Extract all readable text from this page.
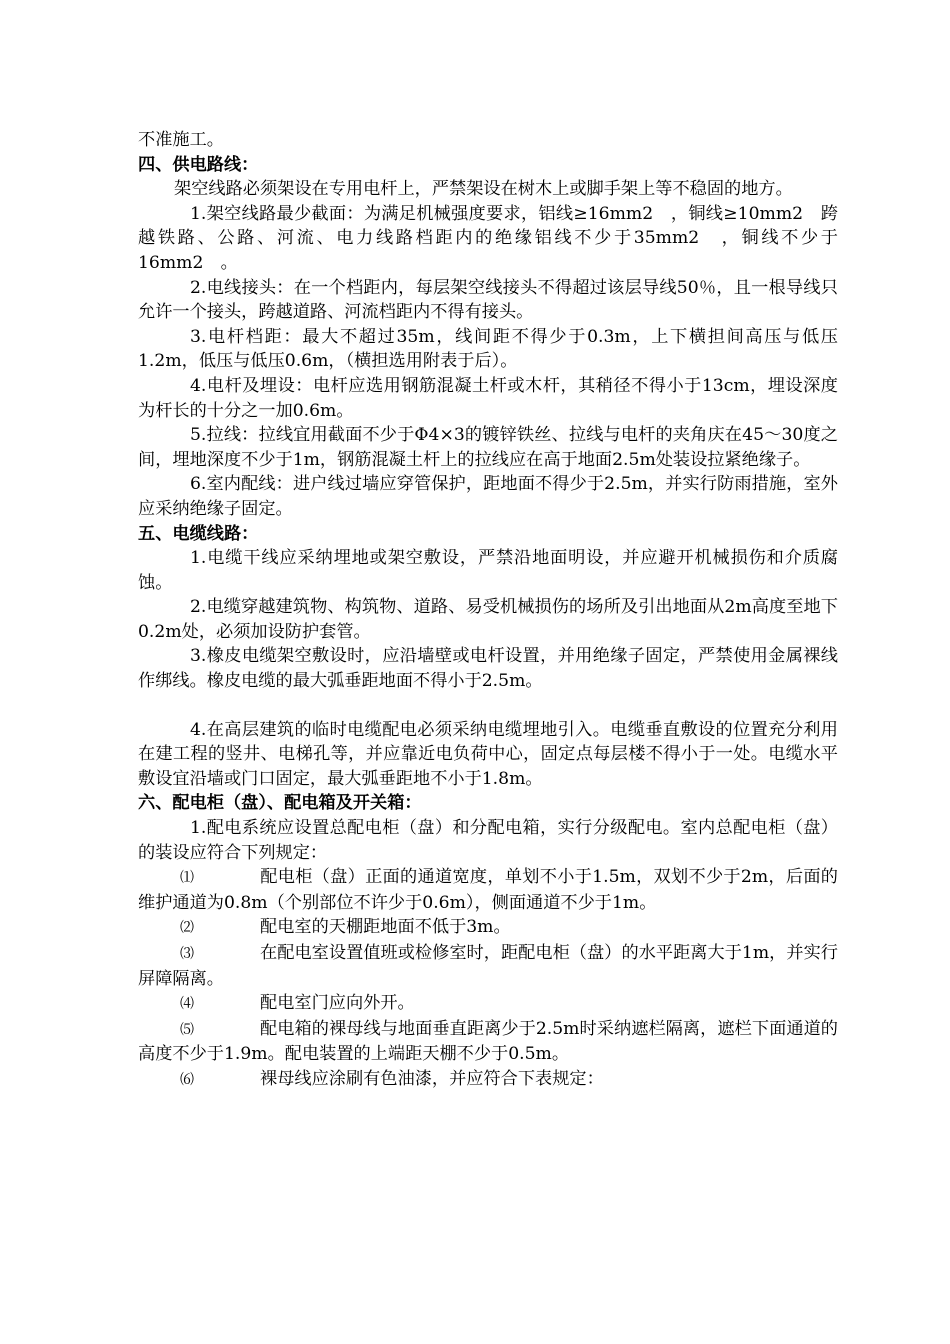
不准施工。

四、供电路线：

架空线路必须架设在专用电杆上，严禁架设在树木上或脚手架上等不稳固的地方。

1.架空线路最少截面：为满足机械强度要求，铝线≥16mm2　，铜线≥10mm2　跨越铁路、公路、河流、电力线路档距内的绝缘铝线不少于35mm2　，铜线不少于16mm2　。

2.电线接头：在一个档距内，每层架空线接头不得超过该层导线50％，且一根导线只允许一个接头，跨越道路、河流档距内不得有接头。

3.电杆档距：最大不超过35m，线间距不得少于0.3m，上下横担间高压与低压1.2m，低压与低压0.6m，（横担选用附表于后）。

4.电杆及埋设：电杆应选用钢筋混凝土杆或木杆，其稍径不得小于13cm，埋设深度为杆长的十分之一加0.6m。

5.拉线：拉线宜用截面不少于Φ4×3的镀锌铁丝、拉线与电杆的夹角庆在45～30度之间，埋地深度不少于1m，钢筋混凝土杆上的拉线应在高于地面2.5m处装设拉紧绝缘子。

6.室内配线：进户线过墙应穿管保护，距地面不得少于2.5m，并实行防雨措施，室外应采纳绝缘子固定。

五、电缆线路：

1.电缆干线应采纳埋地或架空敷设，严禁沿地面明设，并应避开机械损伤和介质腐蚀。

2.电缆穿越建筑物、构筑物、道路、易受机械损伤的场所及引出地面从2m高度至地下0.2m处，必须加设防护套管。

3.橡皮电缆架空敷设时，应沿墙壁或电杆设置，并用绝缘子固定，严禁使用金属裸线作绑线。橡皮电缆的最大弧垂距地面不得小于2.5m。

4.在高层建筑的临时电缆配电必须采纳电缆埋地引入。电缆垂直敷设的位置充分利用在建工程的竖井、电梯孔等，并应靠近电负荷中心，固定点每层楼不得小于一处。电缆水平敷设宜沿墙或门口固定，最大弧垂距地不小于1.8m。

六、配电柜（盘）、配电箱及开关箱：

1.配电系统应设置总配电柜（盘）和分配电箱，实行分级配电。室内总配电柜（盘）的装设应符合下列规定：

⑴	配电柜（盘）正面的通道宽度，单划不小于1.5m，双划不少于2m，后面的维护通道为0.8m（个别部位不许少于0.6m），侧面通道不少于1m。

⑵	配电室的天棚距地面不低于3m。

⑶	在配电室设置值班或检修室时，距配电柜（盘）的水平距离大于1m，并实行屏障隔离。

⑷	配电室门应向外开。

⑸	配电箱的裸母线与地面垂直距离少于2.5m时采纳遮栏隔离，遮栏下面通道的高度不少于1.9m。配电装置的上端距天棚不少于0.5m。

⑹	裸母线应涂刷有色油漆，并应符合下表规定：
